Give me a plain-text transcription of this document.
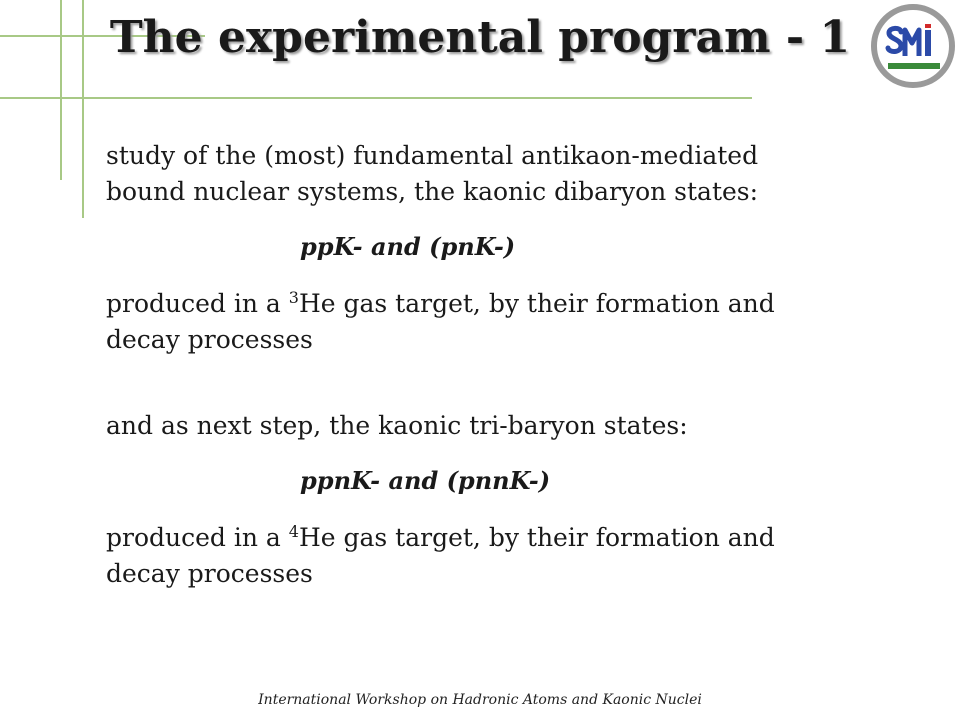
The experimental program - 1

study of the (most) fundamental antikaon-mediated

bound nuclear systems, the kaonic dibaryon states:

ppK- and (pnK-)

produced in a $^3$He gas target, by their formation and

decay processes

and as next step, the kaonic tri-baryon states:

ppnK- and (pnnK-)

produced in a $^4$He gas target, by their formation and

decay processes

International Workshop on Hadronic Atoms and Kaonic Nuclei
